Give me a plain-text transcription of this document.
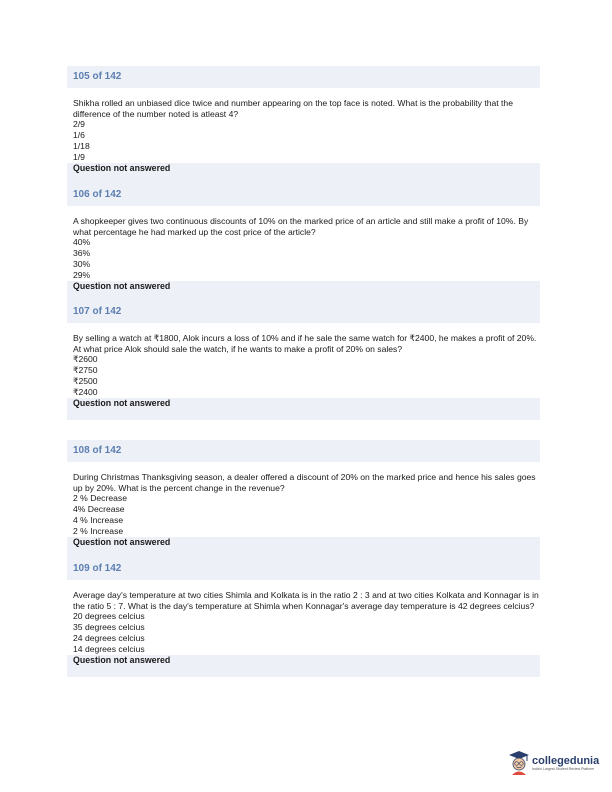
105 of 142
Shikha rolled an unbiased dice twice and number appearing on the top face is noted. What is the probability that the difference of the number noted is atleast 4?
2/9
1/6
1/18
1/9
Question not answered
106 of 142
A shopkeeper gives two continuous discounts of 10% on the marked price of an article and still make a profit of 10%. By what percentage he had marked up the cost price of the article?
40%
36%
30%
29%
Question not answered
107 of 142
By selling a watch at ₹1800, Alok incurs a loss of 10% and if he sale the same watch for ₹2400, he makes a profit of 20%. At what price Alok should sale the watch, if he wants to make a profit of 20% on sales?
₹2600
₹2750
₹2500
₹2400
Question not answered
108 of 142
During Christmas Thanksgiving season, a dealer offered a discount of 20% on the marked price and hence his sales goes up by 20%. What is the percent change in the revenue?
2 % Decrease
4% Decrease
4 % Increase
2 % Increase
Question not answered
109 of 142
Average day's temperature at two cities Shimla and Kolkata is in the ratio 2 : 3 and at two cities Kolkata and Konnagar is in the ratio 5 : 7. What is the day's temperature at Shimla when Konnagar's average day temperature is 42 degrees celcius?
20 degrees celcius
35 degrees celcius
24 degrees celcius
14 degrees celcius
Question not answered
collegedunia
India's Largest Student Review Platform
